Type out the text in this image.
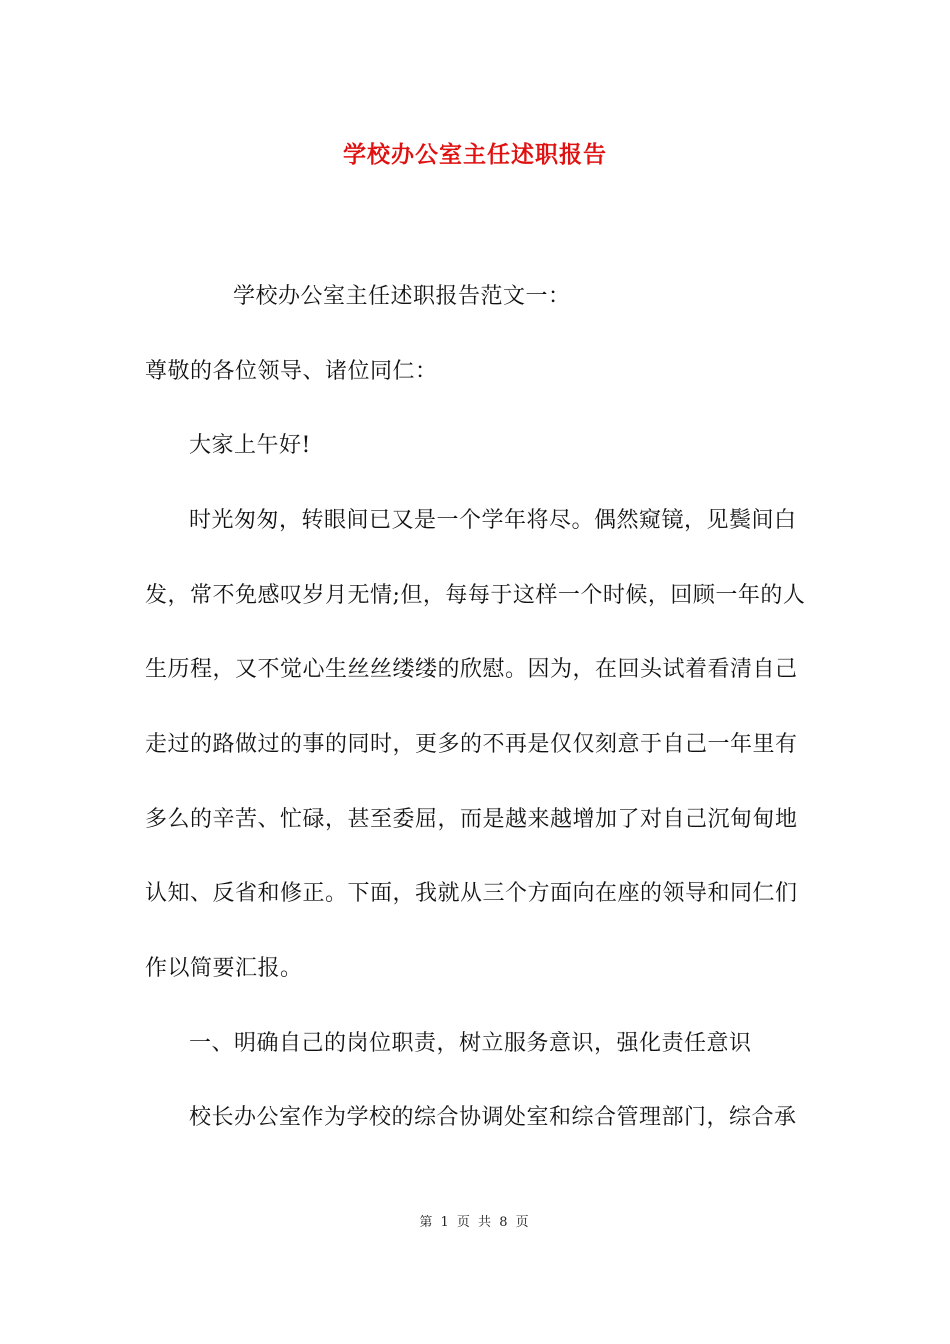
学校办公室主任述职报告
学校办公室主任述职报告范文一：
尊敬的各位领导、诸位同仁：
大家上午好!
时光匆匆，转眼间已又是一个学年将尽。偶然窥镜，见鬓间白
发，常不免感叹岁月无情;但，每每于这样一个时候，回顾一年的人
生历程，又不觉心生丝丝缕缕的欣慰。因为，在回头试着看清自己
走过的路做过的事的同时，更多的不再是仅仅刻意于自己一年里有
多么的辛苦、忙碌，甚至委屈，而是越来越增加了对自己沉甸甸地
认知、反省和修正。下面，我就从三个方面向在座的领导和同仁们
作以简要汇报。
一、明确自己的岗位职责，树立服务意识，强化责任意识
校长办公室作为学校的综合协调处室和综合管理部门，综合承
第 1 页 共 8 页
